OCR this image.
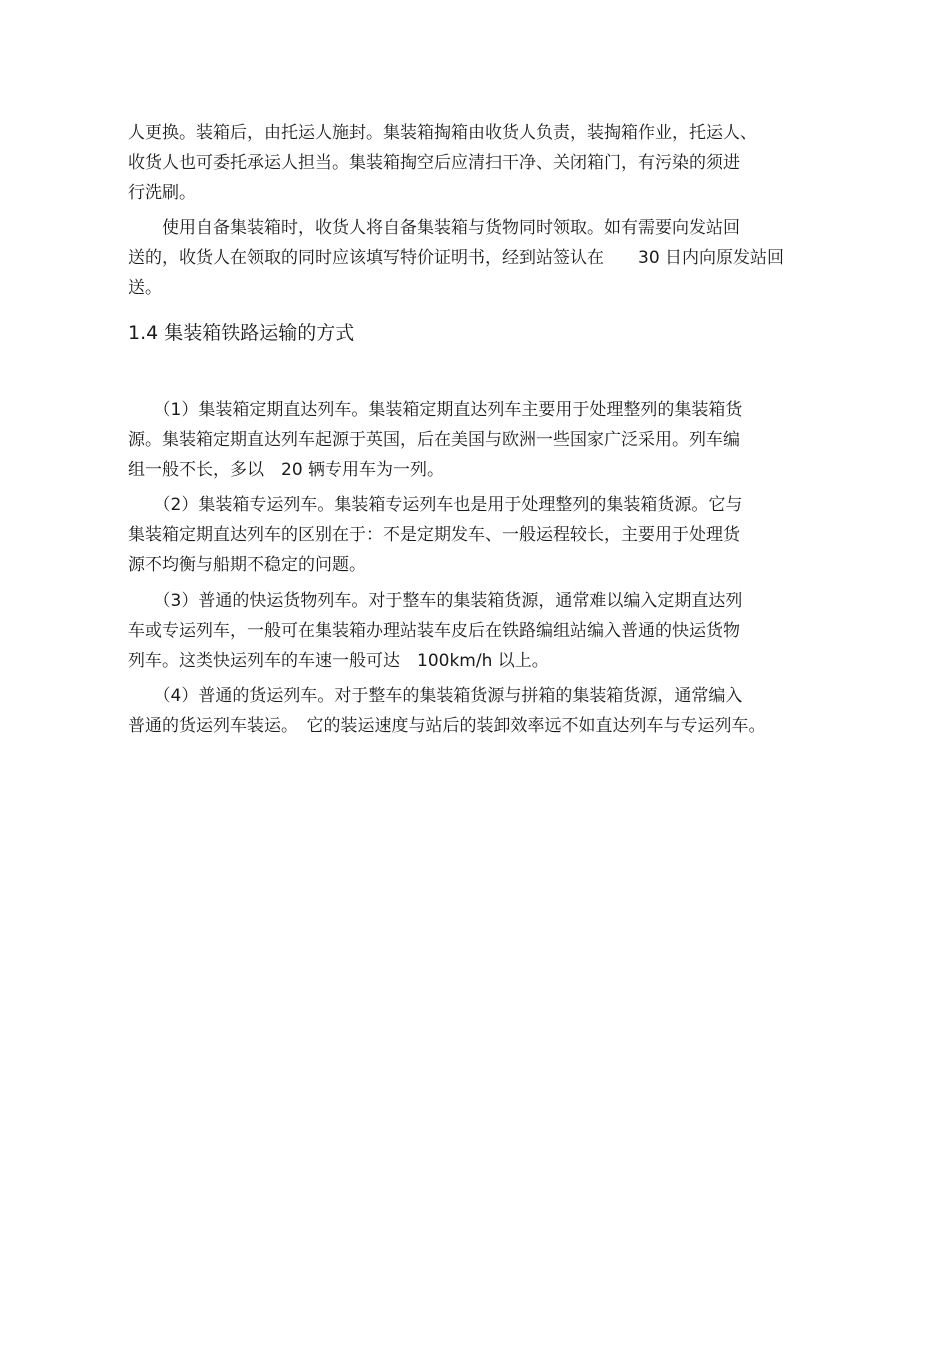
人更换。装箱后，由托运人施封。集装箱掏箱由收货人负责，装掏箱作业，托运人、
收货人也可委托承运人担当。集装箱掏空后应清扫干净、关闭箱门，有污染的须进
行洗刷。

　　使用自备集装箱时，收货人将自备集装箱与货物同时领取。如有需要向发站回
送的，收货人在领取的同时应该填写特价证明书，经到站签认在　　30 日内向原发站回
送。

1.4 集装箱铁路运输的方式

　　（1）集装箱定期直达列车。集装箱定期直达列车主要用于处理整列的集装箱货
源。集装箱定期直达列车起源于英国，后在美国与欧洲一些国家广泛采用。列车编
组一般不长，多以　20 辆专用车为一列。

　　（2）集装箱专运列车。集装箱专运列车也是用于处理整列的集装箱货源。它与
集装箱定期直达列车的区别在于：不是定期发车、一般运程较长，主要用于处理货
源不均衡与船期不稳定的问题。

　　（3）普通的快运货物列车。对于整车的集装箱货源，通常难以编入定期直达列
车或专运列车，一般可在集装箱办理站装车皮后在铁路编组站编入普通的快运货物
列车。这类快运列车的车速一般可达　100km/h 以上。

　　（4）普通的货运列车。对于整车的集装箱货源与拼箱的集装箱货源，通常编入
普通的货运列车装运。　它的装运速度与站后的装卸效率远不如直达列车与专运列车。
